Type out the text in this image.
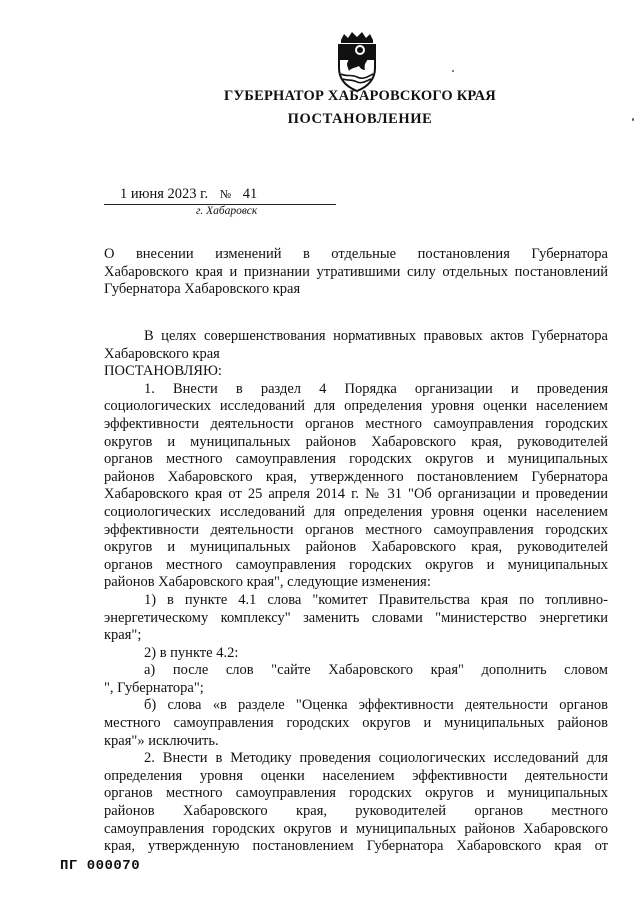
ГУБЕРНАТОР ХАБАРОВСКОГО КРАЯ
ПОСТАНОВЛЕНИЕ
1 июня 2023 г. № 41
г. Хабаровск
О внесении изменений в отдельные постановления Губернатора
Хабаровского края и признании утратившими силу отдельных постановлений
Губернатора Хабаровского края
В целях совершенствования нормативных правовых актов Губернатора
Хабаровского края
ПОСТАНОВЛЯЮ:
1. Внести в раздел 4 Порядка организации и проведения
социологических исследований для определения уровня оценки населением
эффективности деятельности органов местного самоуправления городских
округов и муниципальных районов Хабаровского края, руководителей
органов местного самоуправления городских округов и муниципальных
районов Хабаровского края, утвержденного постановлением Губернатора
Хабаровского края от 25 апреля 2014 г. № 31 "Об организации и проведении
социологических исследований для определения уровня оценки населением
эффективности деятельности органов местного самоуправления городских
округов и муниципальных районов Хабаровского края, руководителей
органов местного самоуправления городских округов и муниципальных
районов Хабаровского края", следующие изменения:
1) в пункте 4.1 слова "комитет Правительства края по топливно-
энергетическому комплексу" заменить словами "министерство энергетики
края";
2) в пункте 4.2:
а) после слов "сайте Хабаровского края" дополнить словом
", Губернатора";
б) слова «в разделе "Оценка эффективности деятельности органов
местного самоуправления городских округов и муниципальных районов
края"» исключить.
2. Внести в Методику проведения социологических исследований для
определения уровня оценки населением эффективности деятельности
органов местного самоуправления городских округов и муниципальных
районов Хабаровского края, руководителей органов местного
самоуправления городских округов и муниципальных районов Хабаровского
края, утвержденную постановлением Губернатора Хабаровского края от
ПГ 000070
